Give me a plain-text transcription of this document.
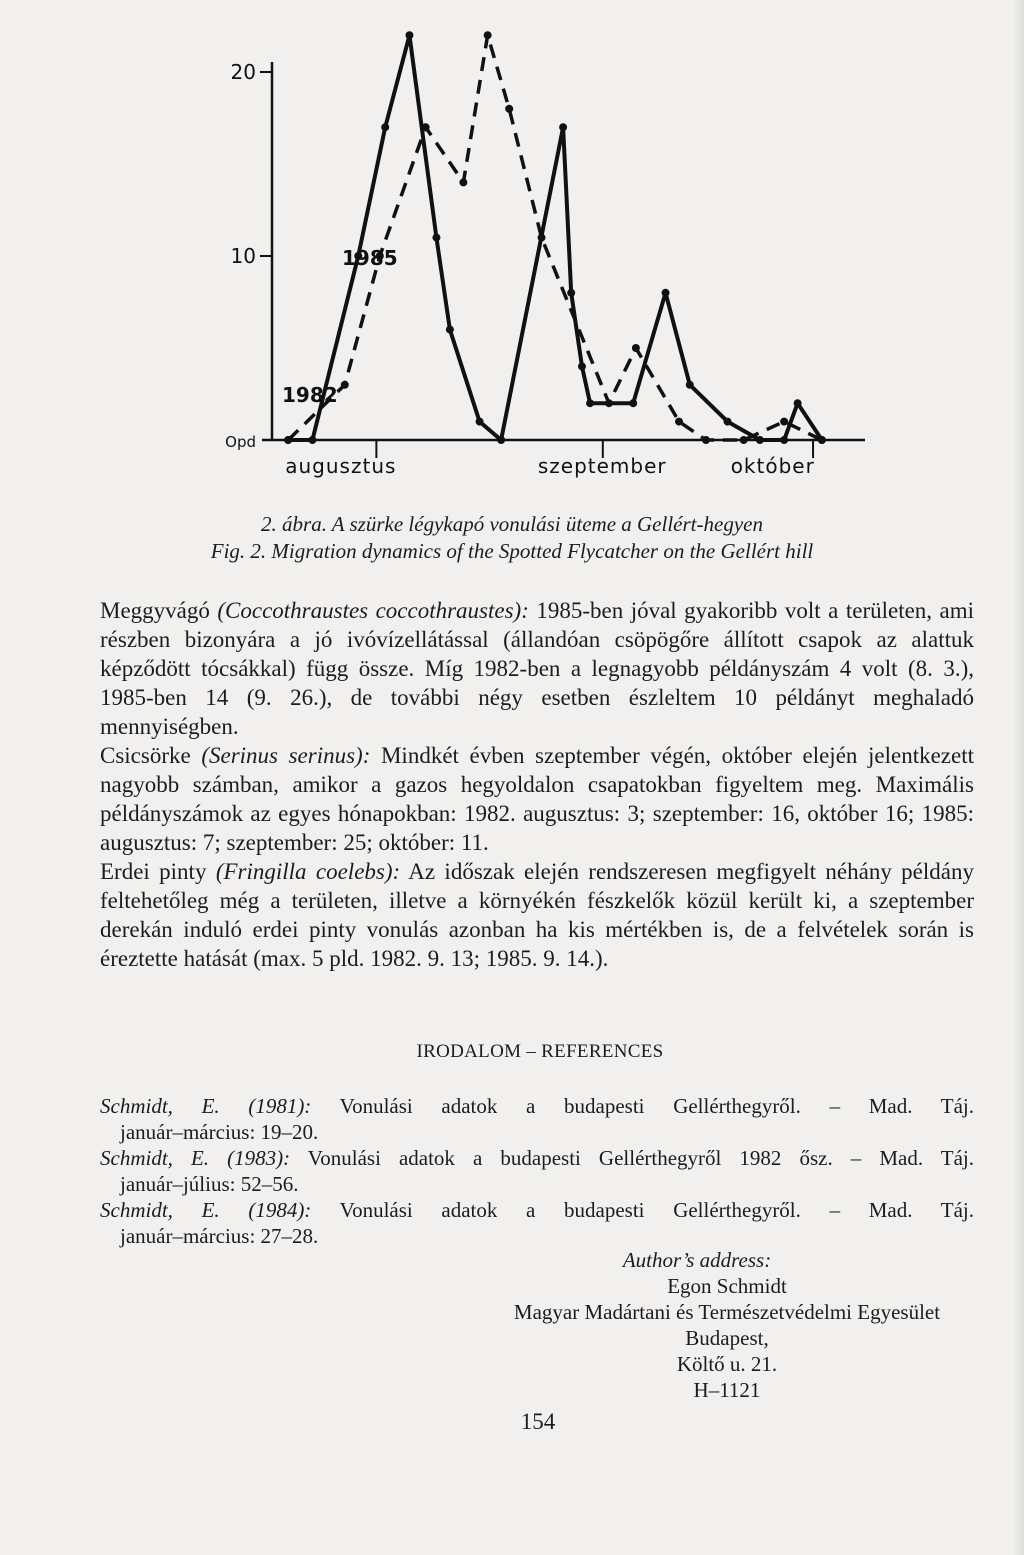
20
10
Opd
augusztus	szeptember	október
1985
1982
2. ábra. A szürke légykapó vonulási üteme a Gellért-hegyen
Fig. 2. Migration dynamics of the Spotted Flycatcher on the Gellért hill

Meggyvágó (Coccothraustes coccothraustes): 1985-ben jóval gyakoribb volt a területen, ami részben bizonyára a jó ivóvízellátással (állandóan csöpögőre állított csapok az alattuk képződött tócsákkal) függ össze. Míg 1982-ben a legnagyobb példányszám 4 volt (8. 3.), 1985-ben 14 (9. 26.), de további négy esetben észleltem 10 példányt meghaladó mennyiségben.

Csicsörke (Serinus serinus): Mindkét évben szeptember végén, október elején jelentkezett nagyobb számban, amikor a gazos hegyoldalon csapatokban figyeltem meg. Maximális példányszámok az egyes hónapokban: 1982. augusztus: 3; szeptember: 16, október 16; 1985: augusztus: 7; szeptember: 25; október: 11.

Erdei pinty (Fringilla coelebs): Az időszak elején rendszeresen megfigyelt néhány példány feltehetőleg még a területen, illetve a környékén fészkelők közül került ki, a szeptember derekán induló erdei pinty vonulás azonban ha kis mértékben is, de a felvételek során is éreztette hatását (max. 5 pld. 1982. 9. 13; 1985. 9. 14.).

IRODALOM – REFERENCES
Schmidt, E. (1981): Vonulási adatok a budapesti Gellérthegyről. – Mad. Táj.
január–március: 19–20.
Schmidt, E. (1983): Vonulási adatok a budapesti Gellérthegyről 1982 ősz. – Mad. Táj.
január–július: 52–56.
Schmidt, E. (1984): Vonulási adatok a budapesti Gellérthegyről. – Mad. Táj.
január–március: 27–28.
Author’s address:
Egon Schmidt
Magyar Madártani és Természetvédelmi Egyesület
Budapest,
Költő u. 21.
H–1121
154
